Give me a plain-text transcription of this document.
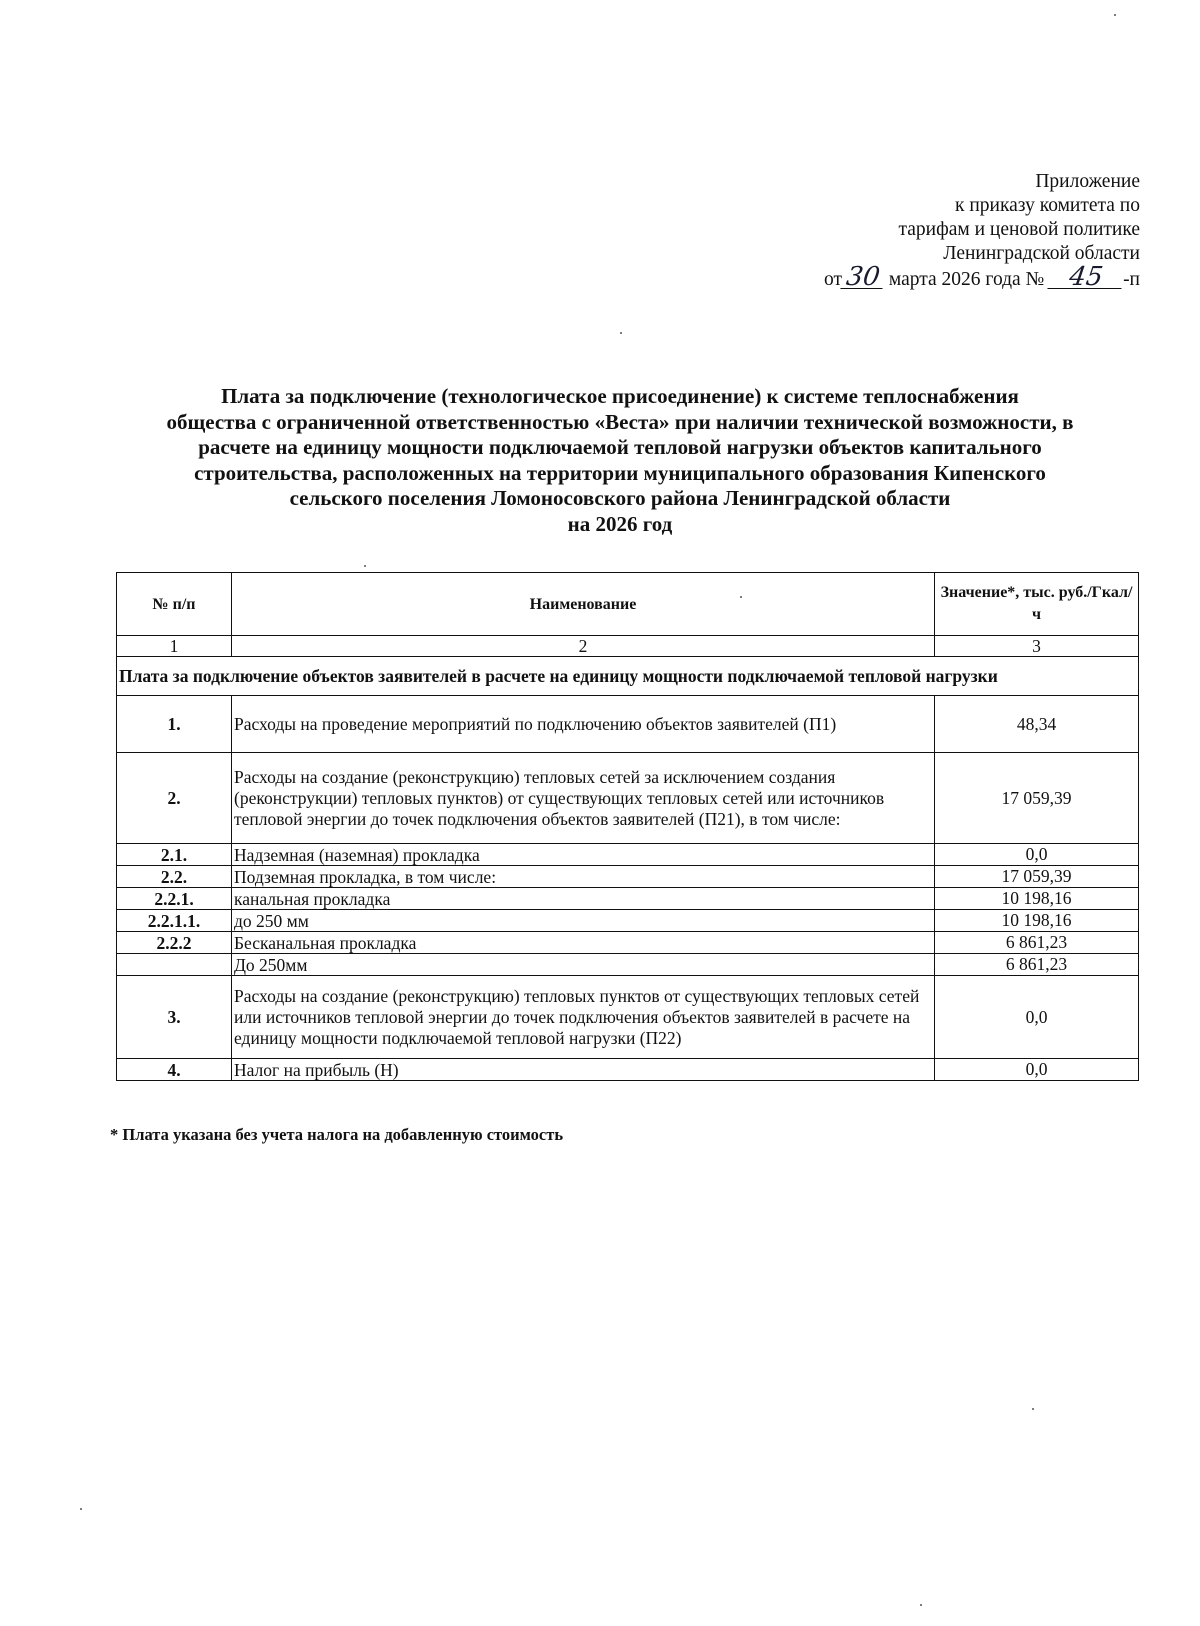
Приложение
к приказу комитета по
тарифам и ценовой политике
Ленинградской области
от30 марта 2026 года № 45 -п
Плата за подключение (технологическое присоединение) к системе теплоснабжения
общества с ограниченной ответственностью «Веста» при наличии технической возможности, в
расчете на единицу мощности подключаемой тепловой нагрузки объектов капитального
строительства, расположенных на территории муниципального образования Кипенского
сельского поселения Ломоносовского района Ленинградской области
на 2026 год
№ п/п	Наименование	Значение*, тыс. руб./Гкал/ч
1	2	3
Плата за подключение объектов заявителей в расчете на единицу мощности подключаемой тепловой нагрузки		
1.	Расходы на проведение мероприятий по подключению объектов заявителей (П1)	48,34
2.	Расходы на создание (реконструкцию) тепловых сетей за исключением создания (реконструкции) тепловых пунктов) от существующих тепловых сетей или источников тепловой энергии до точек подключения объектов заявителей (П21), в том числе:	17 059,39
2.1.	Надземная (наземная) прокладка	0,0
2.2.	Подземная прокладка, в том числе:	17 059,39
2.2.1.	канальная прокладка	10 198,16
2.2.1.1.	до 250 мм	10 198,16
2.2.2	Бесканальная прокладка	6 861,23
	До 250мм	6 861,23
3.	Расходы на создание (реконструкцию) тепловых пунктов от существующих тепловых сетей или источников тепловой энергии до точек подключения объектов заявителей в расчете на единицу мощности подключаемой тепловой нагрузки (П22)	0,0
4.	Налог на прибыль (Н)	0,0
* Плата указана без учета налога на добавленную стоимость
